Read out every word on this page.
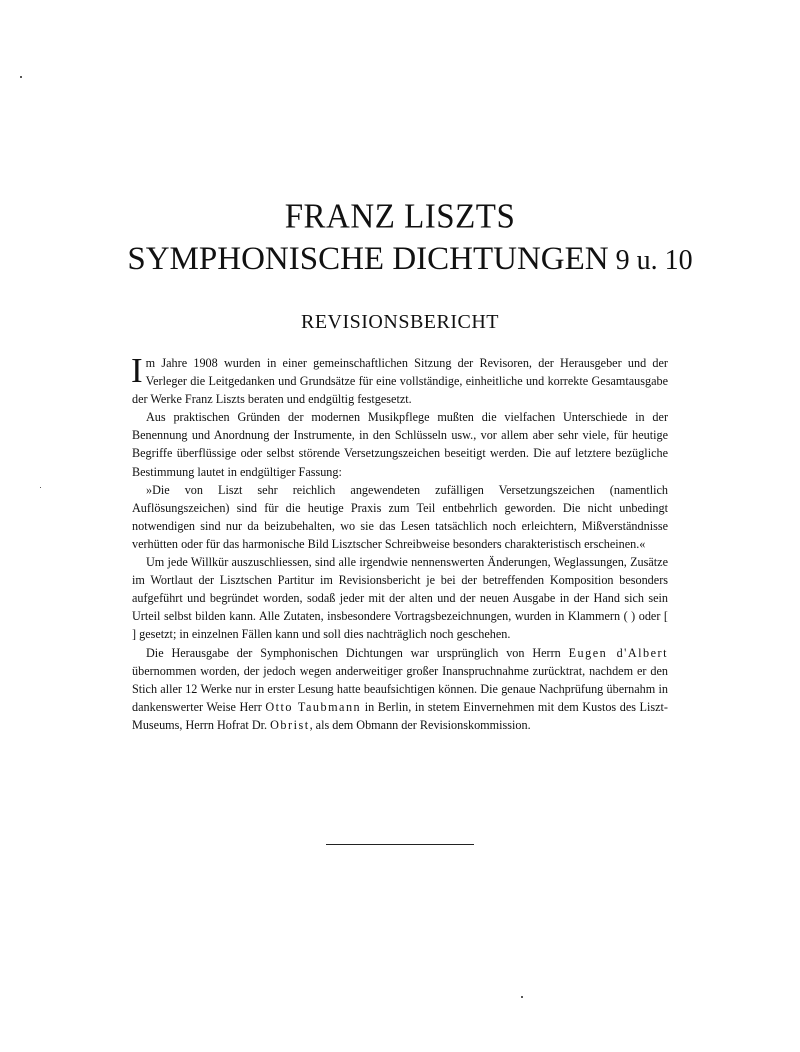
FRANZ LISZTS
SYMPHONISCHE DICHTUNGEN 9 u. 10
REVISIONSBERICHT

Im Jahre 1908 wurden in einer gemeinschaftlichen Sitzung der Revisoren, der Herausgeber und der Verleger die Leitgedanken und Grundsätze für eine vollständige, einheitliche und korrekte Gesamtausgabe der Werke Franz Liszts beraten und endgültig festgesetzt.

Aus praktischen Gründen der modernen Musikpflege mußten die vielfachen Unterschiede in der Benennung und Anordnung der Instrumente, in den Schlüsseln usw., vor allem aber sehr viele, für heutige Begriffe überflüssige oder selbst störende Versetzungszeichen beseitigt werden. Die auf letztere bezügliche Bestimmung lautet in endgültiger Fassung:

»Die von Liszt sehr reichlich angewendeten zufälligen Versetzungszeichen (namentlich Auflösungszeichen) sind für die heutige Praxis zum Teil entbehrlich geworden. Die nicht unbedingt notwendigen sind nur da beizubehalten, wo sie das Lesen tatsächlich noch erleichtern, Mißverständnisse verhütten oder für das harmonische Bild Lisztscher Schreibweise besonders charakteristisch erscheinen.«

Um jede Willkür auszuschliessen, sind alle irgendwie nennenswerten Änderungen, Weglassungen, Zusätze im Wortlaut der Lisztschen Partitur im Revisionsbericht je bei der betreffenden Komposition besonders aufgeführt und begründet worden, sodaß jeder mit der alten und der neuen Ausgabe in der Hand sich sein Urteil selbst bilden kann. Alle Zutaten, insbesondere Vortragsbezeichnungen, wurden in Klammern ( ) oder [ ] gesetzt; in einzelnen Fällen kann und soll dies nachträglich noch geschehen.

Die Herausgabe der Symphonischen Dichtungen war ursprünglich von Herrn Eugen d'Albert übernommen worden, der jedoch wegen anderweitiger großer Inanspruchnahme zurücktrat, nachdem er den Stich aller 12 Werke nur in erster Lesung hatte beaufsichtigen können. Die genaue Nachprüfung übernahm in dankenswerter Weise Herr Otto Taubmann in Berlin, in stetem Einvernehmen mit dem Kustos des Liszt-Museums, Herrn Hofrat Dr. Obrist, als dem Obmann der Revisionskommission.
